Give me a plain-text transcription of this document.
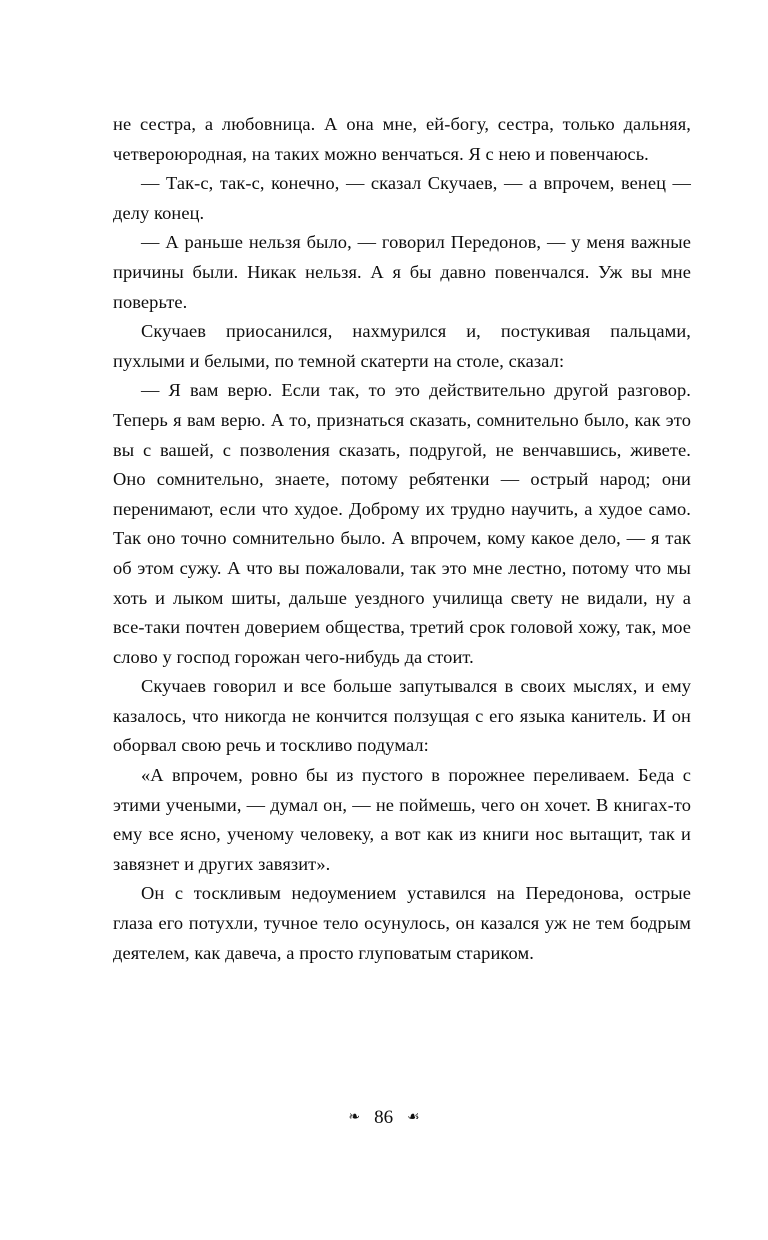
не сестра, а любовница. А она мне, ей-богу, сестра, только дальняя, четвероюродная, на таких можно венчаться. Я с нею и повенчаюсь.

— Так-с, так-с, конечно, — сказал Скучаев, — а впрочем, венец — делу конец.

— А раньше нельзя было, — говорил Передонов, — у меня важные причины были. Никак нельзя. А я бы давно повенчался. Уж вы мне поверьте.

Скучаев приосанился, нахмурился и, постукивая пальцами, пухлыми и белыми, по темной скатерти на столе, сказал:

— Я вам верю. Если так, то это действительно другой разговор. Теперь я вам верю. А то, признаться сказать, сомнительно было, как это вы с вашей, с позволения сказать, подругой, не венчавшись, живете. Оно сомнительно, знаете, потому ребятенки — острый народ; они перенимают, если что худое. Доброму их трудно научить, а худое само. Так оно точно сомнительно было. А впрочем, кому какое дело, — я так об этом сужу. А что вы пожаловали, так это мне лестно, потому что мы хоть и лыком шиты, дальше уездного училища свету не видали, ну а все-таки почтен доверием общества, третий срок головой хожу, так, мое слово у господ горожан чего-нибудь да стоит.

Скучаев говорил и все больше запутывался в своих мыслях, и ему казалось, что никогда не кончится ползущая с его языка канитель. И он оборвал свою речь и тоскливо подумал:

«А впрочем, ровно бы из пустого в порожнее переливаем. Беда с этими учеными, — думал он, — не поймешь, чего он хочет. В книгах-то ему все ясно, ученому человеку, а вот как из книги нос вытащит, так и завязнет и других завязит».

Он с тоскливым недоумением уставился на Передонова, острые глаза его потухли, тучное тело осунулось, он казался уж не тем бодрым деятелем, как давеча, а просто глуповатым стариком.

❧ 86 ☙
